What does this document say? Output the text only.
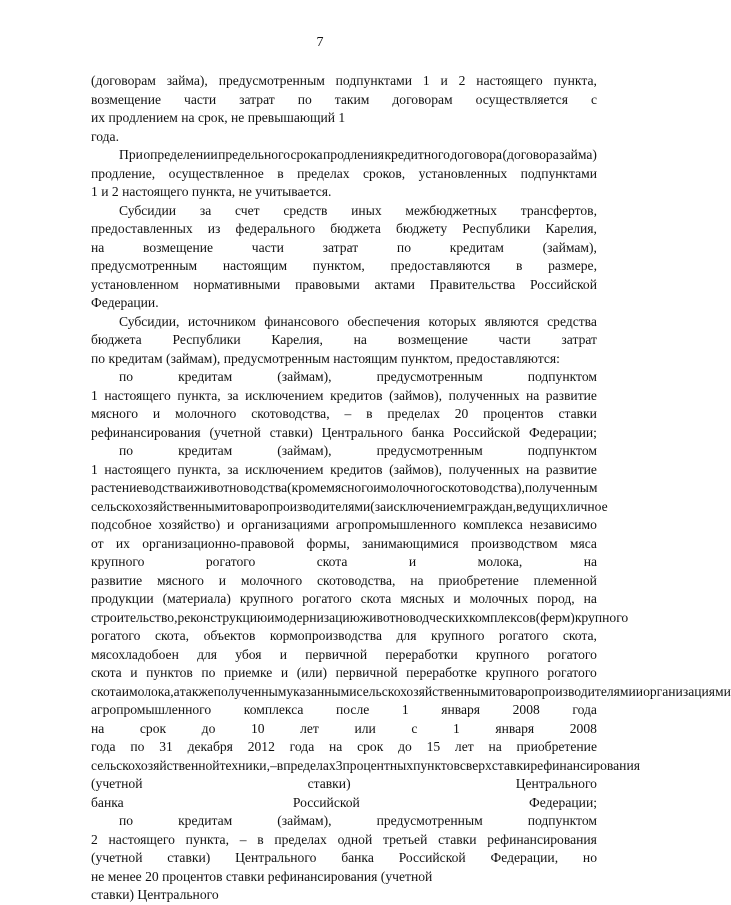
7

(договорам займа), предусмотренным подпунктами 1 и 2 настоящего пункта,
возмещение части затрат по таким договорам осуществляется с
их продлением на срок, не превышающий 1
года.

При определении предельного срока продления кредитного договора (договора займа)
продление, осуществленное в пределах сроков, установленных подпунктами
1 и 2 настоящего пункта, не учитывается.

Субсидии за счет средств иных межбюджетных трансфертов,
предоставленных из федерального бюджета бюджету Республики Карелия,
на	возмещение	части	затрат	по	кредитам	(займам),
предусмотренным настоящим пунктом, предоставляются в размере,
установленном нормативными правовыми актами Правительства Российской Федерации.

Субсидии, источником финансового обеспечения которых являются средства
бюджета Республики Карелия, на возмещение части затрат
по кредитам (займам), предусмотренным настоящим пунктом, предоставляются:

по	кредитам	(займам),	предусмотренным	подпунктом
1 настоящего пункта, за исключением кредитов (займов), полученных на развитие
мясного и молочного скотоводства, – в пределах 20 процентов ставки
рефинансирования (учетной ставки) Центрального банка Российской Федерации;

по	кредитам	(займам),	предусмотренным	подпунктом
1 настоящего пункта, за исключением кредитов (займов), полученных на развитие
растениеводства и животноводства (кроме мясного и молочного скотоводства), полученным
сельскохозяйственными товаропроизводителями (за исключением граждан, ведущих личное
подсобное хозяйство) и организациями агропромышленного комплекса независимо
от их организационно-правовой формы, занимающимися производством мяса
крупного	рогатого	скота	и	молока,	на
развитие мясного и молочного скотоводства, на приобретение племенной
продукции (материала) крупного рогатого скота мясных и молочных пород, на
строительство, реконструкцию и модернизацию животноводческих комплексов (ферм) крупного
рогатого скота, объектов кормопроизводства для крупного рогатого скота,
мясохладобоен для убоя и первичной переработки крупного рогатого
скота и пунктов по приемке и (или) первичной переработке крупного рогатого
скота и молока, а также полученным указанными сельскохозяйственными товаропроизводителями и организациями
агропромышленного комплекса после 1 января 2008 года
на	срок	до	10	лет	или	с	1	января	2008
года по 31 декабря 2012 года на срок до 15 лет на приобретение
сельскохозяйственной техники, – в пределах 3 процентных пунктов сверх ставки рефинансирования
(учетной	ставки)	Центрального
банка	Российской	Федерации;

по	кредитам	(займам),	предусмотренным	подпунктом
2 настоящего пункта, – в пределах одной третьей ставки рефинансирования
(учетной ставки) Центрального банка Российской Федерации, но
не менее 20 процентов ставки рефинансирования (учетной
ставки) Центрального
